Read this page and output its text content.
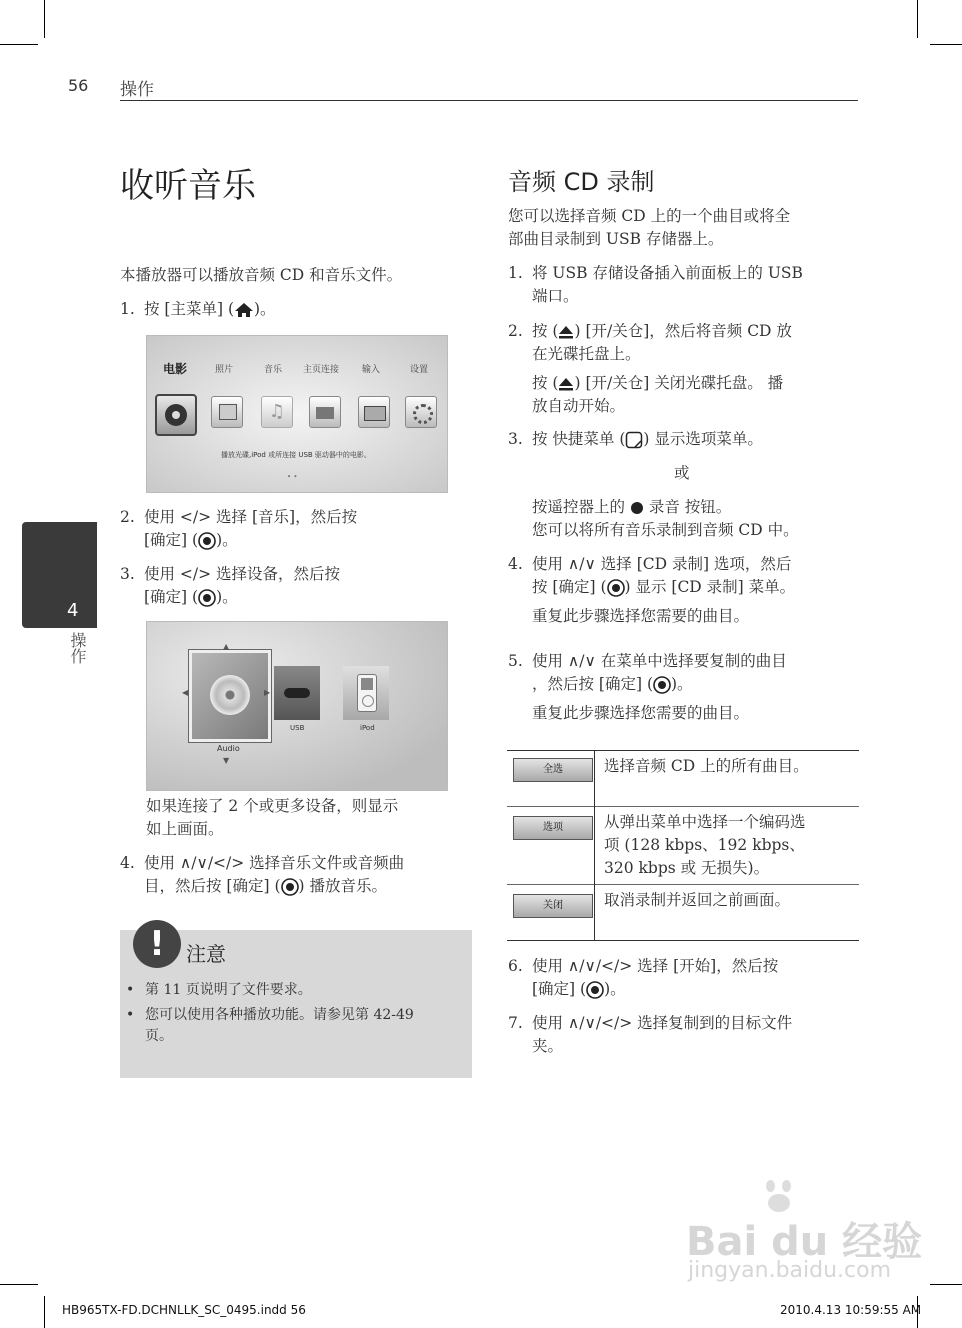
56 操作
4
操作
收听音乐
本播放器可以播放音频 CD 和音乐文件。
1. 按 [主菜单] ( )。
电影	照片	音乐 主页连接	输入	设置
♫
播放光碟,iPod 或所连接 USB 驱动器中的电影。
• •
2. 使用 </> 选择 [音乐]，然后按
[确定] ( )。
3. 使用 </> 选择设备，然后按
[确定] ( )。
▲
◀	▶
▼
Audio
USB	iPod
如果连接了 2 个或更多设备，则显示
如上画面。
4. 使用 ∧/∨/</> 选择音乐文件或音频曲
目，然后按 [确定] ( ) 播放音乐。
!	注意
• 第 11 页说明了文件要求。
• 您可以使用各种播放功能。请参见第 42-49
页。
音频 CD 录制
您可以选择音频 CD 上的一个曲目或将全
部曲目录制到 USB 存储器上。
1. 将 USB 存储设备插入前面板上的 USB
端口。
2. 按 ( ) [开/关仓]，然后将音频 CD 放
在光碟托盘上。
按 ( ) [开/关仓] 关闭光碟托盘。 播
放自动开始。
3. 按 快捷菜单 ( ) 显示选项菜单。
或
按遥控器上的  录音 按钮。
您可以将所有音乐录制到音频 CD 中。
4. 使用 ∧/∨ 选择 [CD 录制] 选项，然后
按 [确定] ( ) 显示 [CD 录制] 菜单。
重复此步骤选择您需要的曲目。
5. 使用 ∧/∨ 在菜单中选择要复制的曲目
，然后按 [确定] ( )。
重复此步骤选择您需要的曲目。
全选	选择音频 CD 上的所有曲目。
选项	从弹出菜单中选择一个编码选
项 (128 kbps、192 kbps、
320 kbps 或 无损失)。
关闭	取消录制并返回之前画面。
6. 使用 ∧/∨/</> 选择 [开始]，然后按
[确定] ( )。
7. 使用 ∧/∨/</> 选择复制到的目标文件
夹。
Bai du 经验
jingyan.baidu.com
HB965TX-FD.DCHNLLK_SC_0495.indd 56	2010.4.13 10:59:55 AM
